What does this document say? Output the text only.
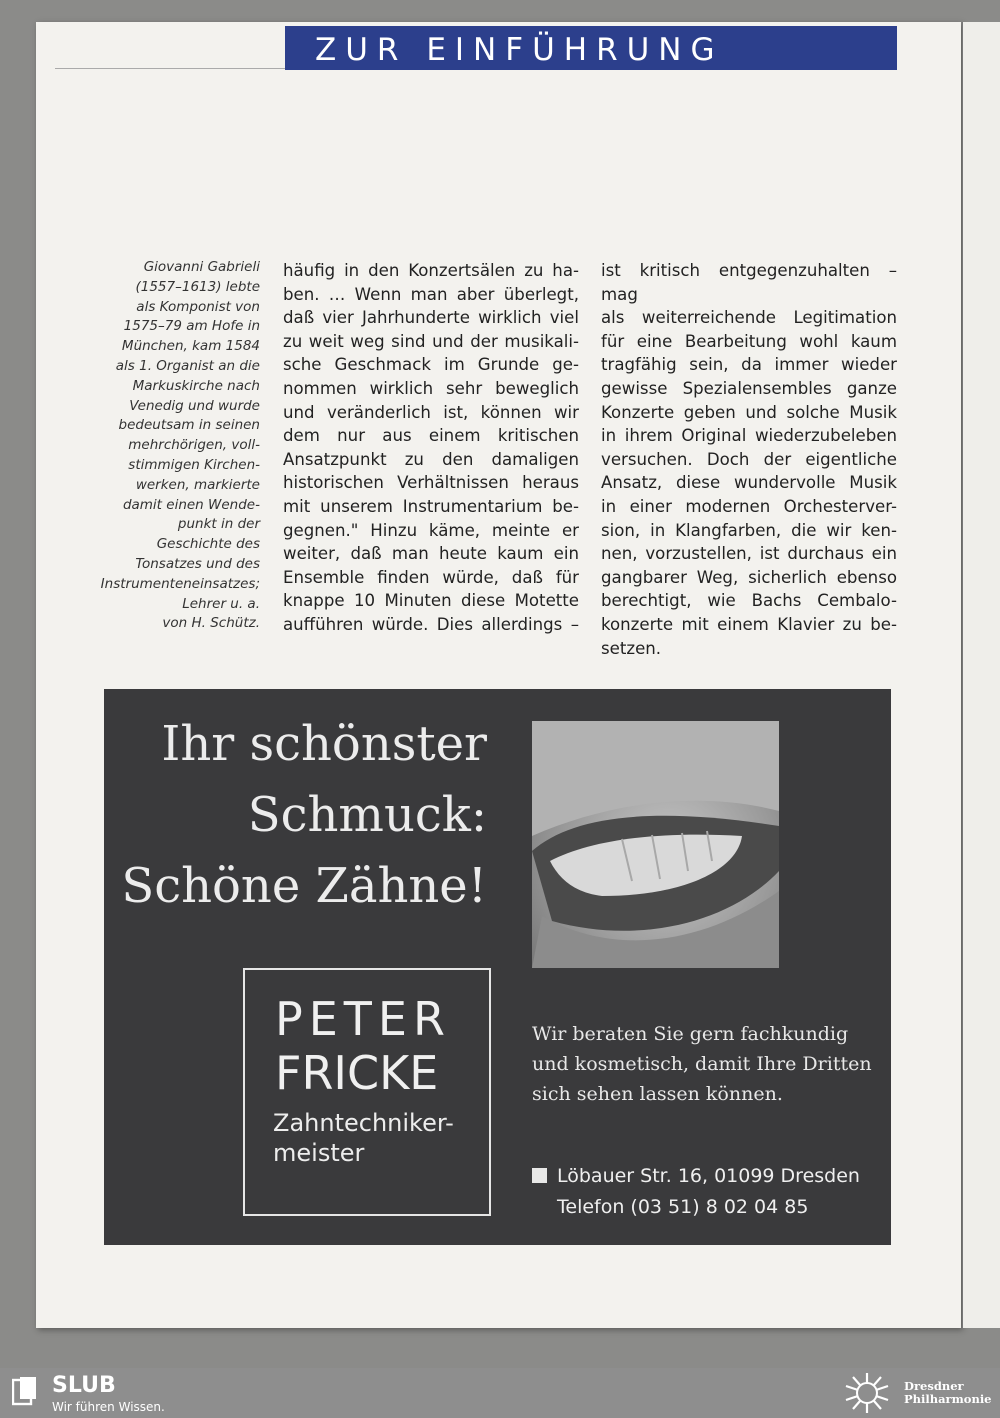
ZUR EINFÜHRUNG
Giovanni Gabrieli
(1557–1613) lebte
als Komponist von
1575–79 am Hofe in
München, kam 1584
als 1. Organist an die
Markuskirche nach
Venedig und wurde
bedeutsam in seinen
mehrchörigen, voll-
stimmigen Kirchen-
werken, markierte
damit einen Wende-
punkt in der
Geschichte des
Tonsatzes und des
Instrumenteneinsatzes;
Lehrer u. a.
von H. Schütz.
häufig in den Konzertsälen zu ha-
ben. … Wenn man aber überlegt,
daß vier Jahrhunderte wirklich viel
zu weit weg sind und der musikali-
sche Geschmack im Grunde ge-
nommen wirklich sehr beweglich
und veränderlich ist, können wir
dem nur aus einem kritischen
Ansatzpunkt zu den damaligen
historischen Verhältnissen heraus
mit unserem Instrumentarium be-
gegnen." Hinzu käme, meinte er
weiter, daß man heute kaum ein
Ensemble finden würde, daß für
knappe 10 Minuten diese Motette
aufführen würde. Dies allerdings –
ist kritisch entgegenzuhalten – mag
als weiterreichende Legitimation
für eine Bearbeitung wohl kaum
tragfähig sein, da immer wieder
gewisse Spezialensembles ganze
Konzerte geben und solche Musik
in ihrem Original wiederzubeleben
versuchen. Doch der eigentliche
Ansatz, diese wundervolle Musik
in einer modernen Orchesterver-
sion, in Klangfarben, die wir ken-
nen, vorzustellen, ist durchaus ein
gangbarer Weg, sicherlich ebenso
berechtigt, wie Bachs Cembalo-
konzerte mit einem Klavier zu be-
setzen.
Ihr schönster
Schmuck:
Schöne Zähne!
PETER
FRICKE
Zahntechniker-
meister
Wir beraten Sie gern fachkundig
und kosmetisch, damit Ihre Dritten
sich sehen lassen können.
Löbauer Str. 16, 01099 Dresden
Telefon (03 51) 8 02 04 85
SLUB
Wir führen Wissen.
Dresdner
Philharmonie
